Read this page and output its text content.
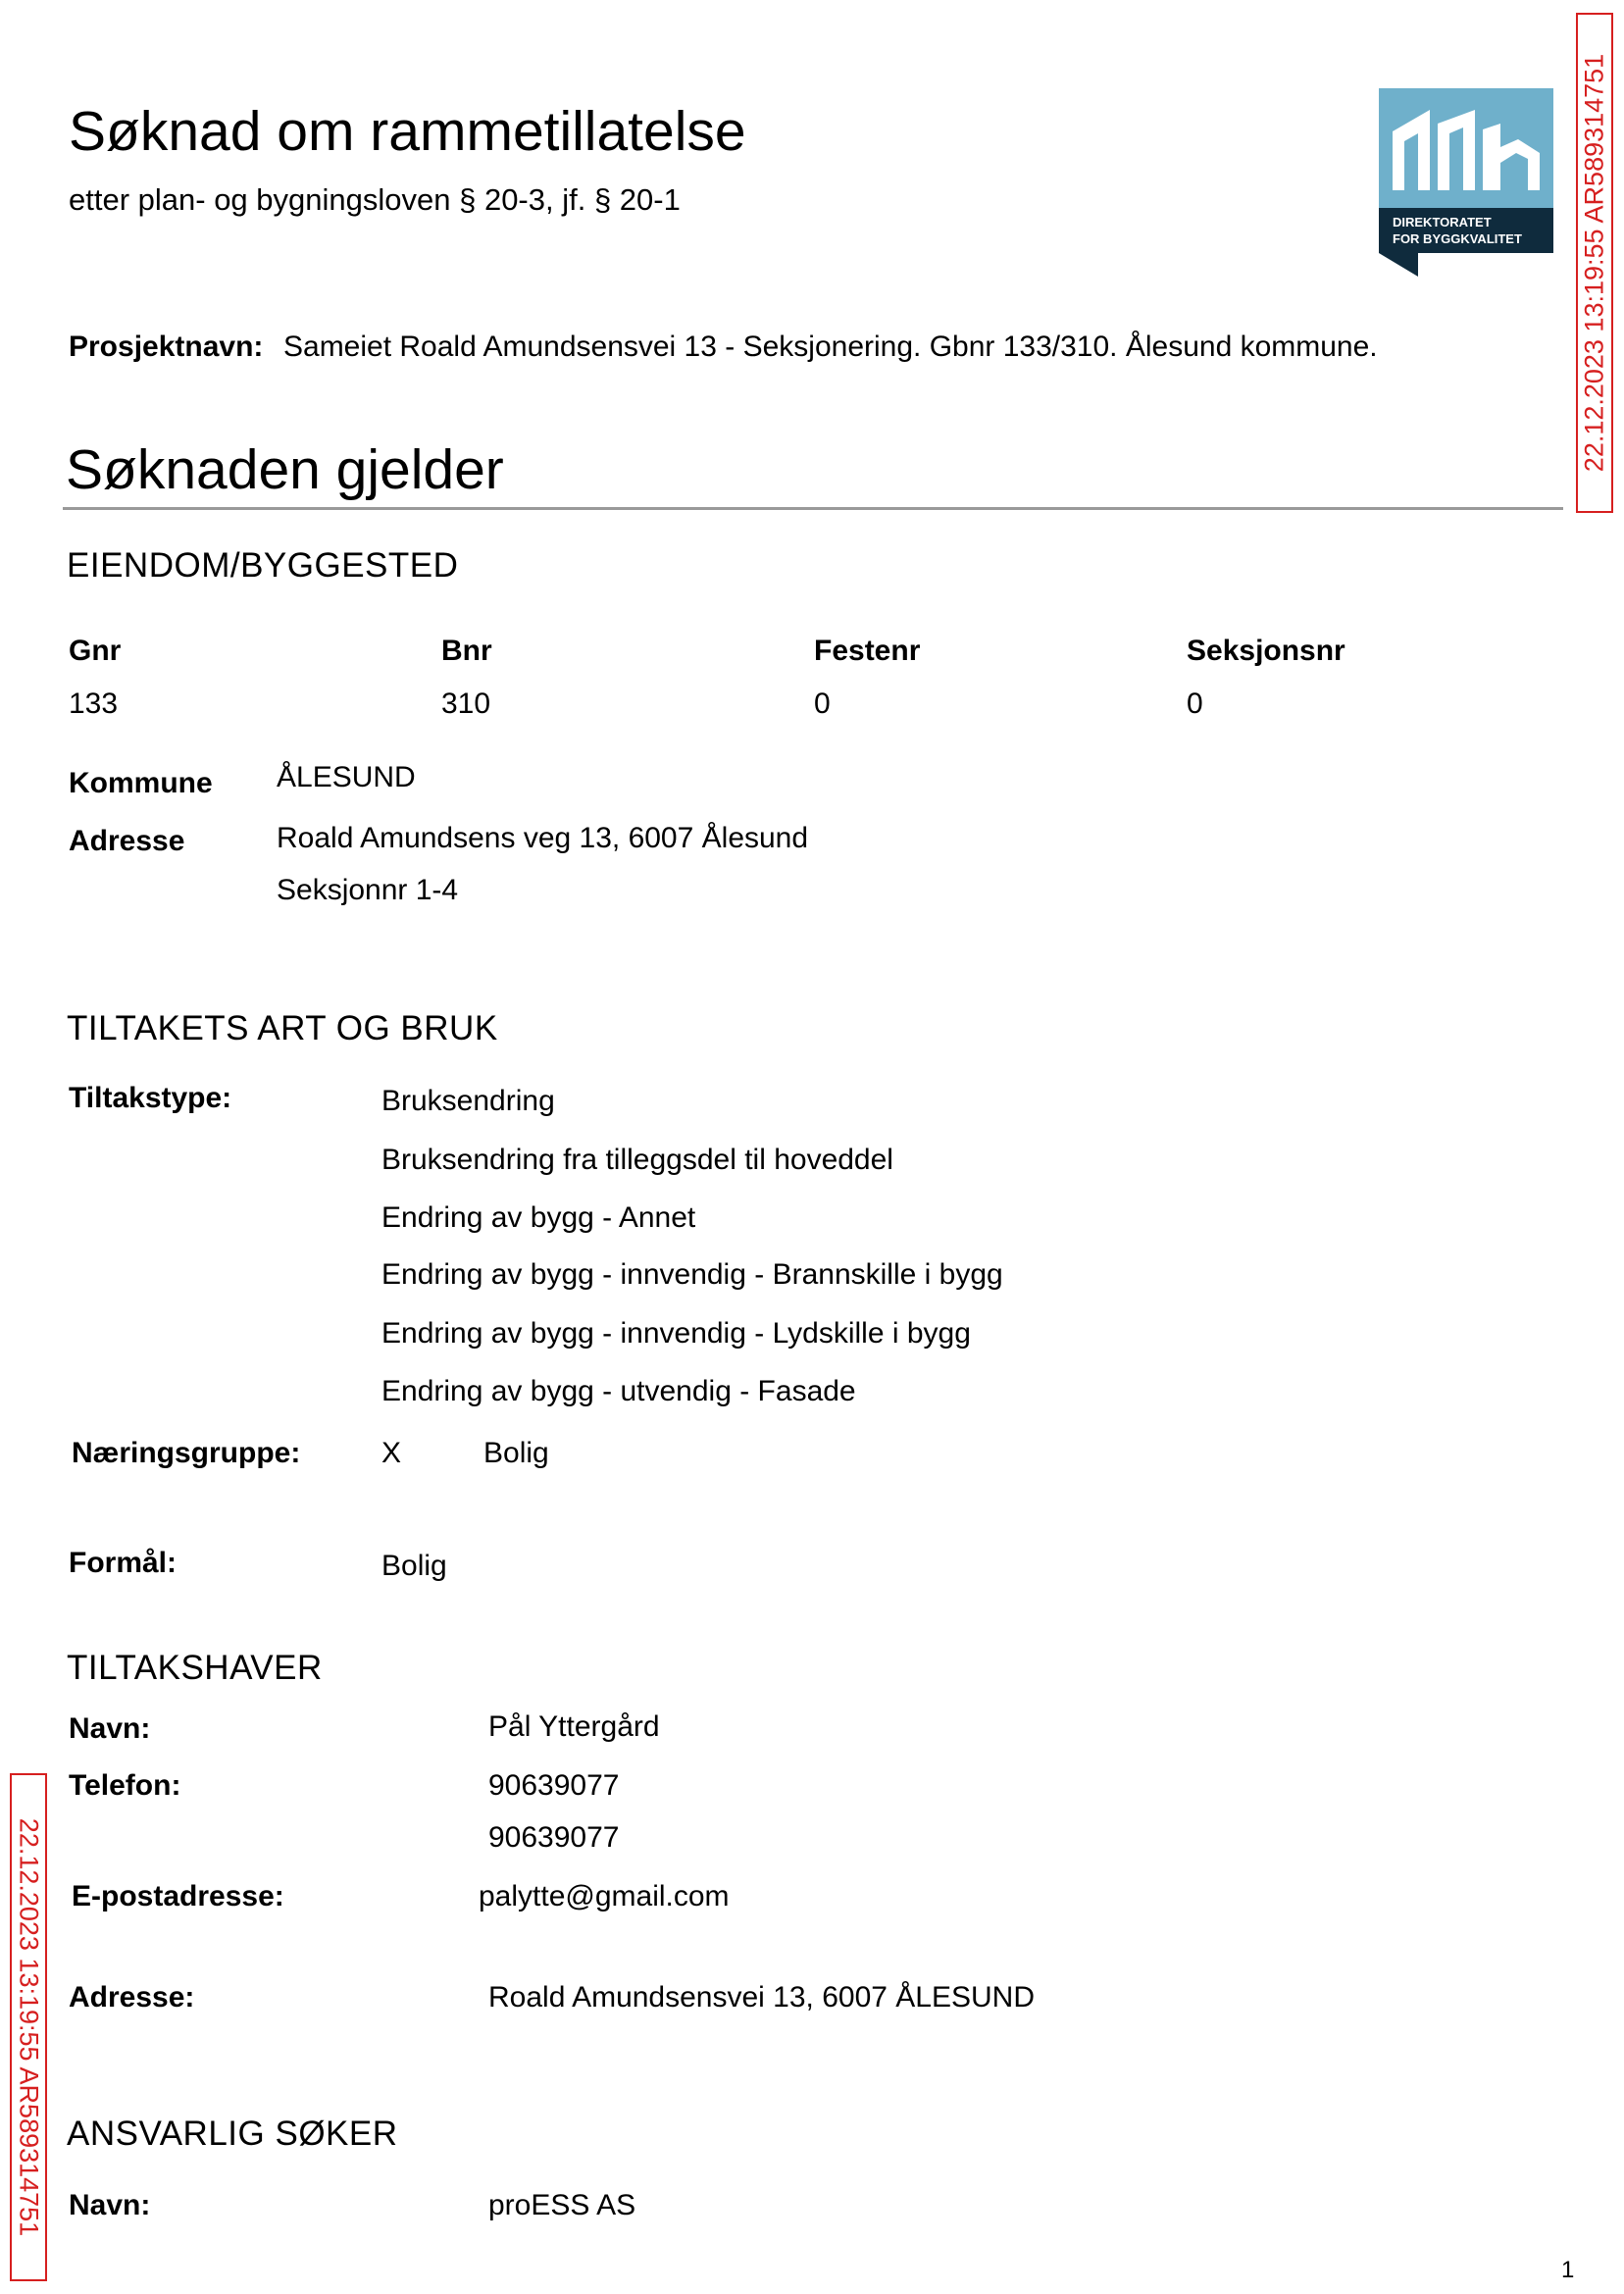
Søknad om rammetillatelse
etter plan- og bygningsloven § 20-3, jf. § 20-1
DIREKTORATET
FOR BYGGKVALITET 22.12.2023 13:19:55 AR589314751
22.12.2023 13:19:55 AR589314751
Prosjektnavn: Sameiet Roald Amundsensvei 13 - Seksjonering. Gbnr 133/310. Ålesund kommune.
Søknaden gjelder
EIENDOM/BYGGESTED
Gnr	Bnr	Festenr	Seksjonsnr
133	310	0	0
Kommune ÅLESUND
Adresse	Roald Amundsens veg 13, 6007 Ålesund
Seksjonnr 1-4
TILTAKETS ART OG BRUK
Tiltakstype:	Bruksendring
Bruksendring fra tilleggsdel til hoveddel
Endring av bygg - Annet
Endring av bygg - innvendig - Brannskille i bygg
Endring av bygg - innvendig - Lydskille i bygg
Endring av bygg - utvendig - Fasade
Næringsgruppe:	X	Bolig
Formål:	Bolig
TILTAKSHAVER
Navn:	Pål Yttergård
Telefon:	90639077
90639077
E-postadresse:	palytte@gmail.com
Adresse:	Roald Amundsensvei 13, 6007 ÅLESUND
ANSVARLIG SØKER
Navn:	proESS AS
1
